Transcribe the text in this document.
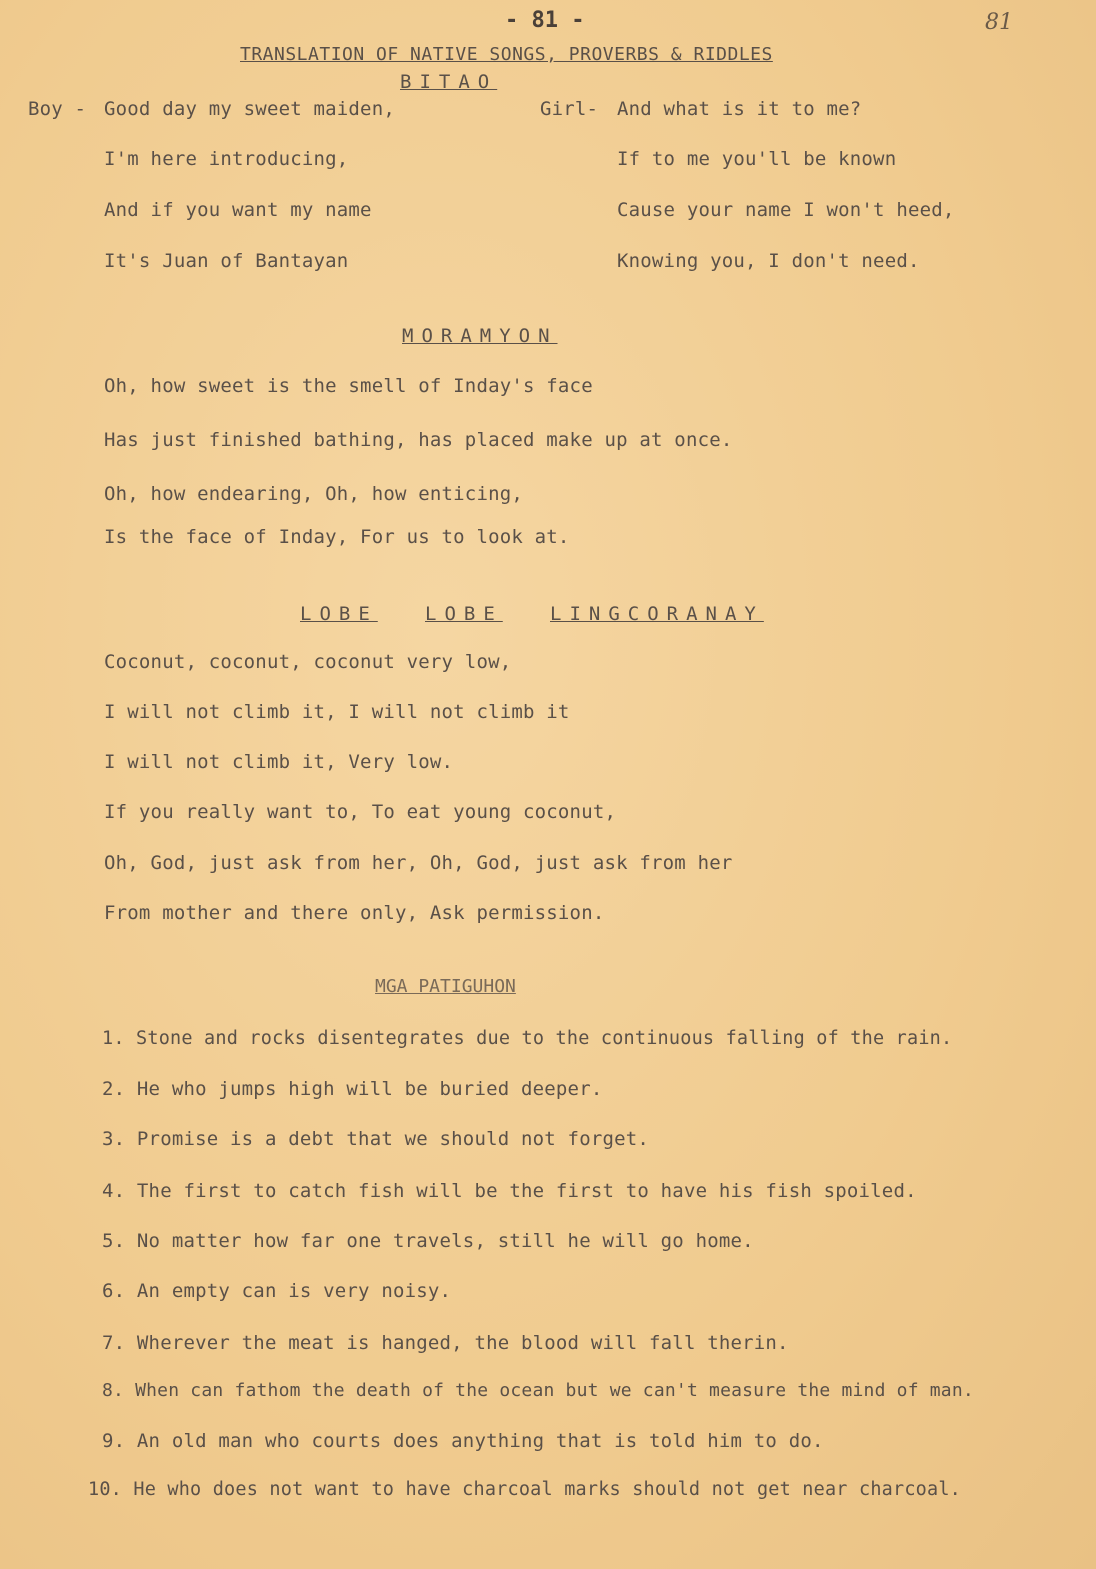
- 81 -	81
TRANSLATION OF NATIVE SONGS, PROVERBS & RIDDLES
BITAO
Boy - Good day my sweet maiden,
I'm here introducing,
And if you want my name
It's Juan of Bantayan
Girl- And what is it to me?
If to me you'll be known
Cause your name I won't heed,
Knowing you, I don't need.
MORAMYON
Oh, how sweet is the smell of Inday's face
Has just finished bathing, has placed make up at once.
Oh, how endearing, Oh, how enticing,
Is the face of Inday, For us to look at.
LOBE LOBE LINGCORANAY
Coconut, coconut, coconut very low,
I will not climb it, I will not climb it
I will not climb it, Very low.
If you really want to, To eat young coconut,
Oh, God, just ask from her, Oh, God, just ask from her
From mother and there only, Ask permission.
MGA PATIGUHON
1. Stone and rocks disentegrates due to the continuous falling of the rain.
2. He who jumps high will be buried deeper.
3. Promise is a debt that we should not forget.
4. The first to catch fish will be the first to have his fish spoiled.
5. No matter how far one travels, still he will go home.
6. An empty can is very noisy.
7. Wherever the meat is hanged, the blood will fall therin.
8. When can fathom the death of the ocean but we can't measure the mind of man.
9. An old man who courts does anything that is told him to do.
10. He who does not want to have charcoal marks should not get near charcoal.
